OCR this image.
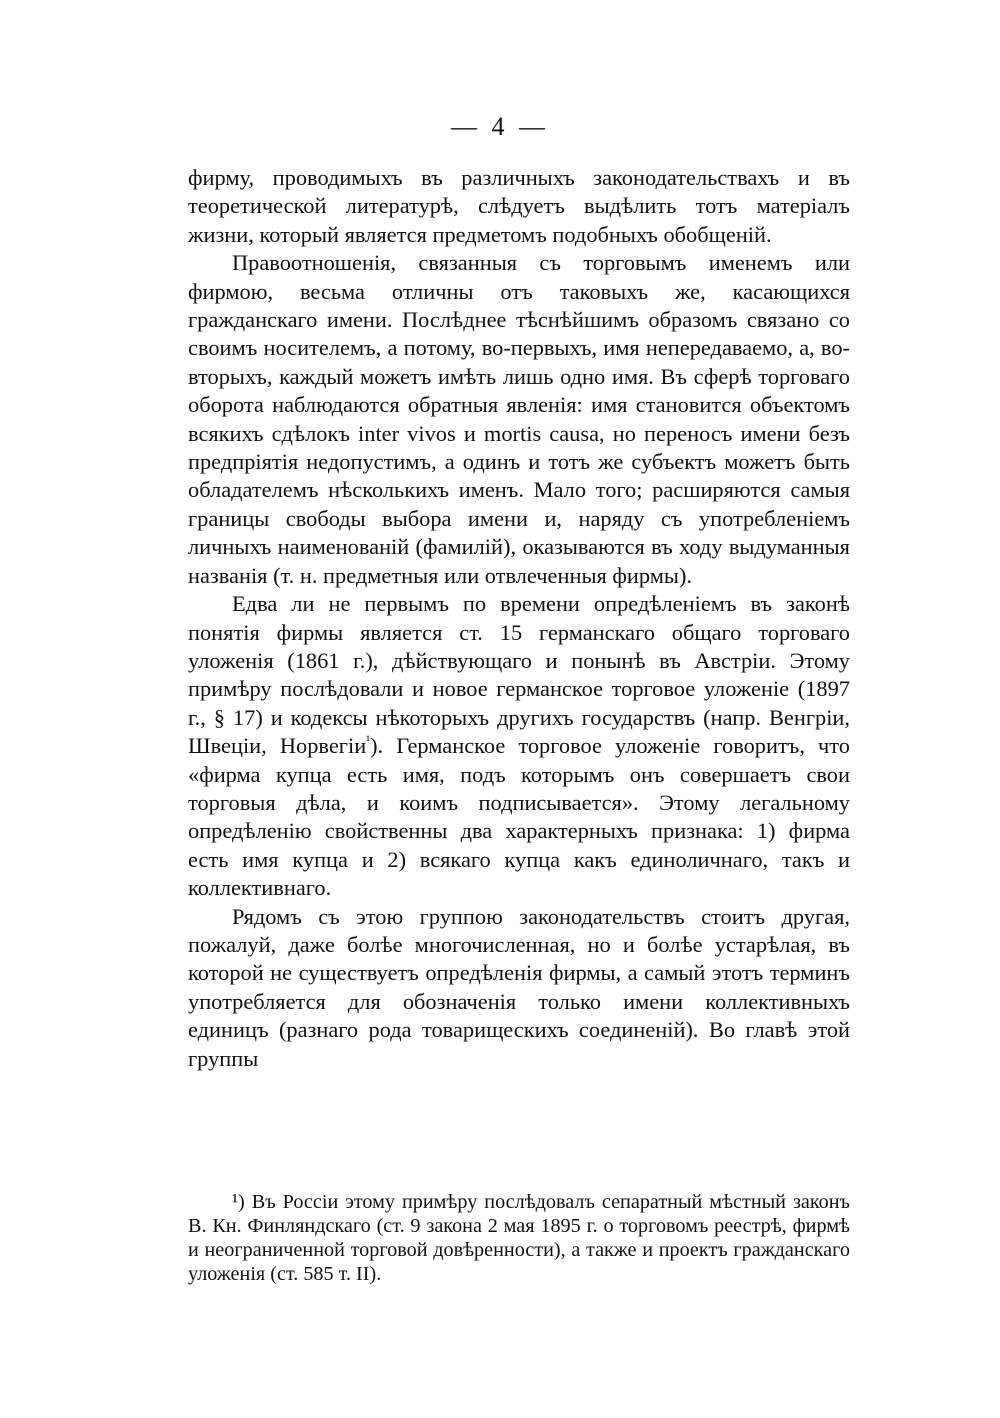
— 4 —

фирму, проводимыхъ въ различныхъ законодательствахъ и въ теоретической литературѣ, слѣдуетъ выдѣлить тотъ матеріалъ жизни, который является предметомъ подобныхъ обобщеній.

Правоотношенія, связанныя съ торговымъ именемъ или фирмою, весьма отличны отъ таковыхъ же, касающихся гражданскаго имени. Послѣднее тѣснѣйшимъ образомъ связано со своимъ носителемъ, а потому, во-первыхъ, имя непередаваемо, а, во-вторыхъ, каждый можетъ имѣть лишь одно имя. Въ сферѣ торговаго оборота наблюдаются обратныя явленія: имя становится объектомъ всякихъ сдѣлокъ inter vivos и mortis causa, но переносъ имени безъ предпріятія недопустимъ, а одинъ и тотъ же субъектъ можетъ быть обладателемъ нѣсколькихъ именъ. Мало того; расширяются самыя границы свободы выбора имени и, наряду съ употребленіемъ личныхъ наименованій (фамилій), оказываются въ ходу выдуманныя названія (т. н. предметныя или отвлеченныя фирмы).

Едва ли не первымъ по времени опредѣленіемъ въ законѣ понятія фирмы является ст. 15 германскаго общаго торговаго уложенія (1861 г.), дѣйствующаго и понынѣ въ Австріи. Этому примѣру послѣдовали и новое германское торговое уложеніе (1897 г., § 17) и кодексы нѣкоторыхъ другихъ государствъ (напр. Венгріи, Швеціи, Норвегіи$^{^1}$). Германское торговое уложеніе говоритъ, что «фирма купца есть имя, подъ которымъ онъ совершаетъ свои торговыя дѣла, и коимъ подписывается». Этому легальному опредѣленію свойственны два характерныхъ признака: 1) фирма есть имя купца и 2) всякаго купца какъ единоличнаго, такъ и коллективнаго.

Рядомъ съ этою группою законодательствъ стоитъ другая, пожалуй, даже болѣе многочисленная, но и болѣе устарѣлая, въ которой не существуетъ опредѣленія фирмы, а самый этотъ терминъ употребляется для обозначенія только имени коллективныхъ единицъ (разнаго рода товарищескихъ соединеній). Во главѣ этой группы

¹) Въ Россіи этому примѣру послѣдовалъ сепаратный мѣстный законъ В. Кн. Финляндскаго (ст. 9 закона 2 мая 1895 г. о торговомъ реестрѣ, фирмѣ и неограниченной торговой довѣренности), а также и проектъ гражданскаго уложенія (ст. 585 т. II).
